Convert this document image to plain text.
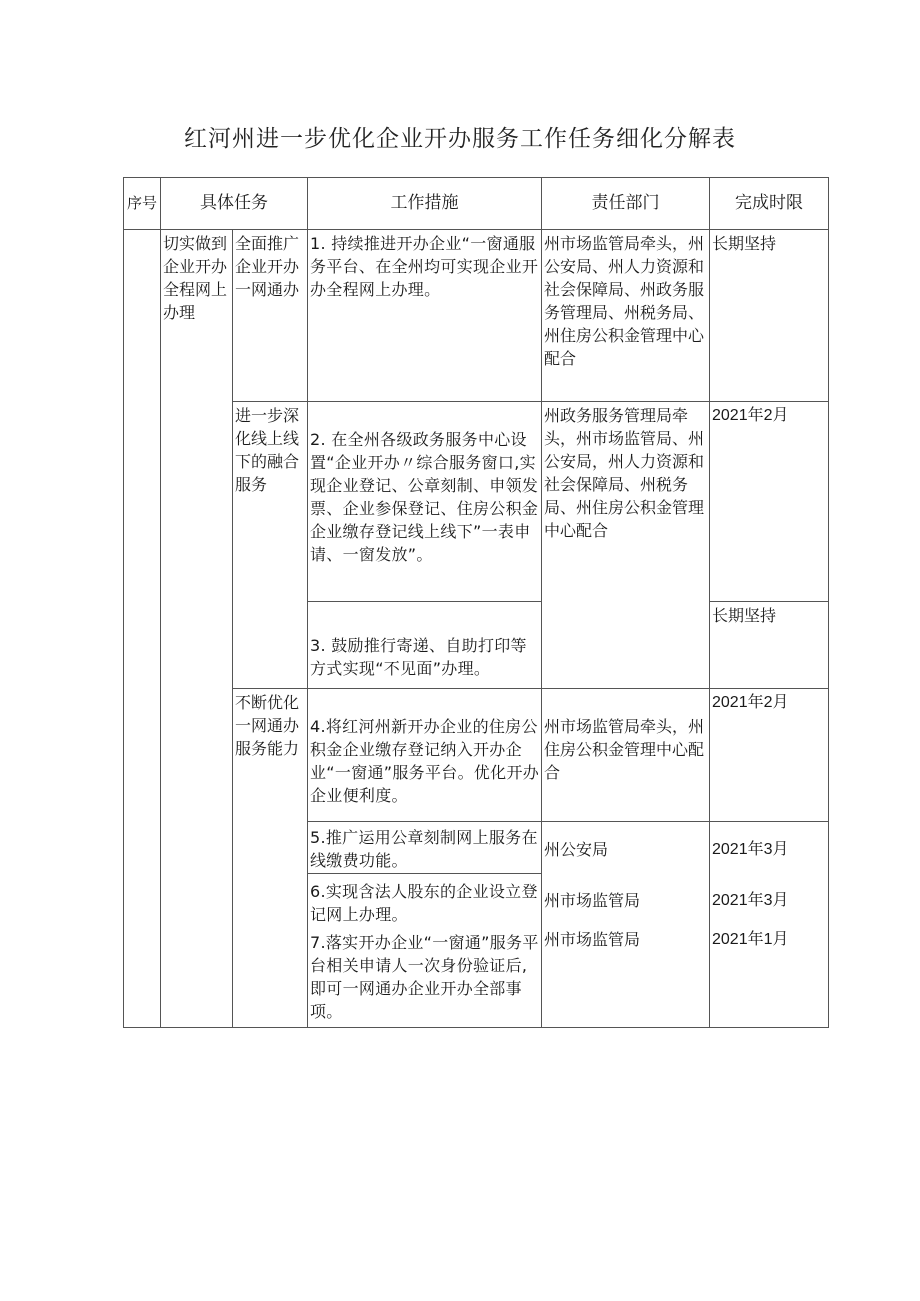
红河州进一步优化企业开办服务工作任务细化分解表
序号	具体任务		工作措施	责任部门	完成时限
	切实做到企业开办全程网上办理	全面推广企业开办一网通办	1. 持续推进开办企业“一窗通服务平台、在全州均可实现企业开办全程网上办理。	州市场监管局牵头，州公安局、州人力资源和社会保障局、州政务服务管理局、州税务局、州住房公积金管理中心配合	长期坚持
		进一步深化线上线下的融合服务	2. 在全州各级政务服务中心设置“企业开办〃综合服务窗口,实现企业登记、公章刻制、申领发票、企业参保登记、住房公积金企业缴存登记线上线下”一表申请、一窗发放”。	州政务服务管理局牵头，州市场监管局、州公安局，州人力资源和社会保障局、州税务局、州住房公积金管理中心配合	2021年2月
			3. 鼓励推行寄递、自助打印等方式实现“不见面”办理。		长期坚持
		不断优化一网通办服务能力	4.将红河州新开办企业的住房公积金企业缴存登记纳入开办企业“一窗通”服务平台。优化开办企业便利度。	州市场监管局牵头，州住房公积金管理中心配合	2021年2月
			5.推广运用公章刻制网上服务在线缴费功能。	州公安局	2021年3月
			6.实现含法人股东的企业设立登记网上办理。	州市场监管局	2021年3月
			7.落实开办企业“一窗通”服务平台相关申请人一次身份验证后,即可一网通办企业开办全部事项。	州市场监管局	2021年1月
